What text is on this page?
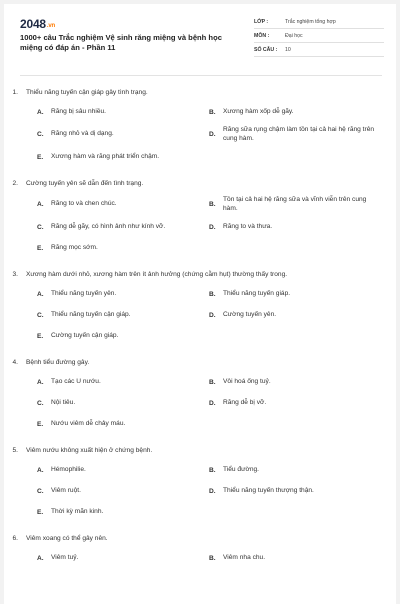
2048.vn
1000+ câu Trắc nghiệm Vệ sinh răng miệng và bệnh học miệng có đáp án - Phần 11
LỚP :	Trắc nghiệm tổng hợp
MÔN :	Đại học
SỐ CÂU :	10
1.	Thiểu năng tuyến cận giáp gây tình trạng.
A.	Răng bị sâu nhiều.	B.	Xương hàm xốp dễ gãy.
C.	Răng nhỏ và dị dạng.	D.
Răng sữa rụng chậm làm tồn tại cả hai hệ răng trên cung hàm.
E.	Xương hàm và răng phát triển chậm.
2.	Cường tuyến yên sẽ dẫn đến tình trạng.
A.	Răng to và chen chúc.	B.
Tồn tại cả hai hệ răng sữa và vĩnh viễn trên cung hàm.
C.	Răng dễ gãy, có hình ảnh như kính vỡ.	D.	Răng to và thưa.
E.	Răng mọc sớm.
3.	Xương hàm dưới nhỏ, xương hàm trên ít ảnh hưởng (chứng cằm hụt) thường thấy trong.
A.	Thiểu năng tuyến yên.	B.	Thiểu năng tuyến giáp.
C.	Thiểu năng tuyến cận giáp.	D.	Cường tuyến yên.
E.	Cường tuyến cận giáp.
4.	Bệnh tiểu đường gây.
A.	Tạo các U nướu.	B.	Vôi hoá ống tuỷ.
C.	Nội tiêu.	D.	Răng dễ bị vỡ.
E.	Nướu viêm dễ chảy máu.
5.	Viêm nướu không xuất hiện ở chứng bệnh.
A.	Hémophilie.	B.	Tiểu đường.
C.	Viêm ruột.	D.	Thiểu năng tuyến thượng thận.
E.	Thời kỳ mãn kinh.
6.	Viêm xoang có thể gây nên.
A.	Viêm tuỷ.	B.	Viêm nha chu.
